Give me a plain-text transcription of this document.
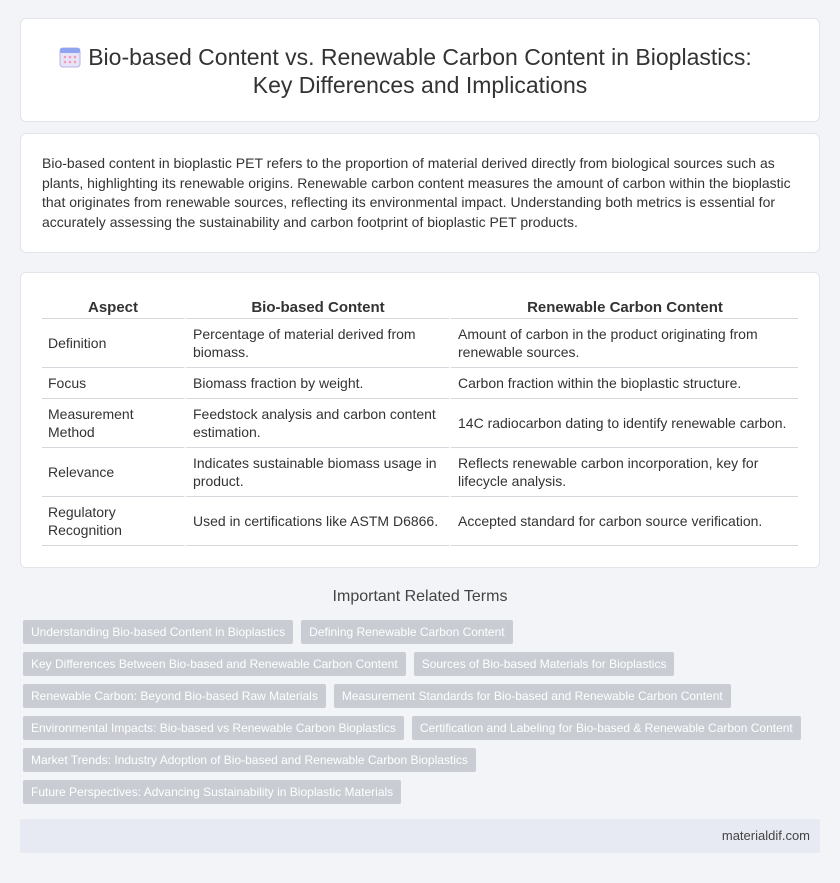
Bio-based Content vs. Renewable Carbon Content in Bioplastics:
Key Differences and Implications

Bio-based content in bioplastic PET refers to the proportion of material derived directly from biological sources such as plants, highlighting its renewable origins. Renewable carbon content measures the amount of carbon within the bioplastic that originates from renewable sources, reflecting its environmental impact. Understanding both metrics is essential for accurately assessing the sustainability and carbon footprint of bioplastic PET products.

Aspect	Bio-based Content	Renewable Carbon Content
Definition	Percentage of material derived from biomass.	Amount of carbon in the product originating from renewable sources.
Focus	Biomass fraction by weight.	Carbon fraction within the bioplastic structure.
Measurement Method	Feedstock analysis and carbon content estimation.	14C radiocarbon dating to identify renewable carbon.
Relevance	Indicates sustainable biomass usage in product.	Reflects renewable carbon incorporation, key for lifecycle analysis.
Regulatory Recognition	Used in certifications like ASTM D6866.	Accepted standard for carbon source verification.
Important Related Terms
Understanding Bio-based Content in Bioplastics	Defining Renewable Carbon Content
Key Differences Between Bio-based and Renewable Carbon Content	Sources of Bio-based Materials for Bioplastics
Renewable Carbon: Beyond Bio-based Raw Materials	Measurement Standards for Bio-based and Renewable Carbon Content
Environmental Impacts: Bio-based vs Renewable Carbon Bioplastics	Certification and Labeling for Bio-based & Renewable Carbon Content
Market Trends: Industry Adoption of Bio-based and Renewable Carbon Bioplastics
Future Perspectives: Advancing Sustainability in Bioplastic Materials
materialdif.com
